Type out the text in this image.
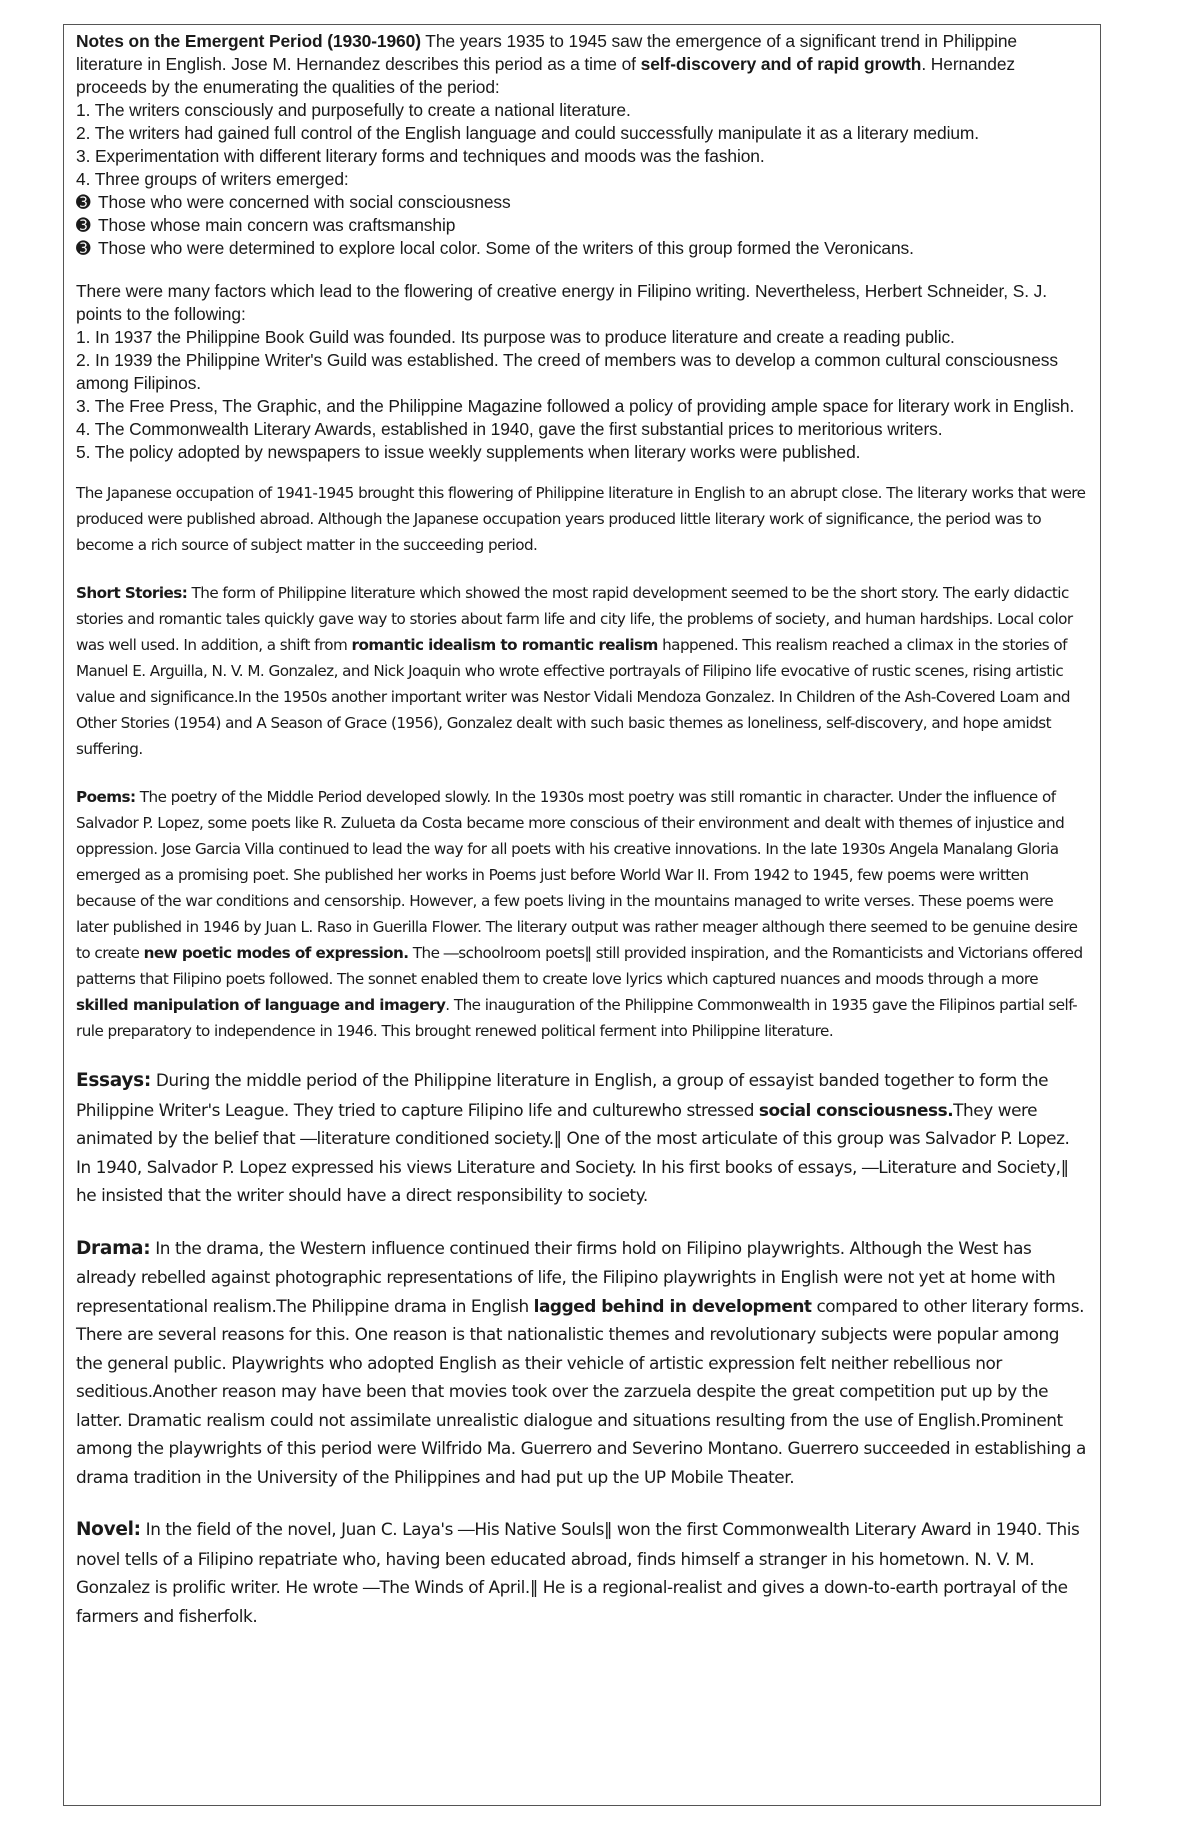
Notes on the Emergent Period (1930-1960) The years 1935 to 1945 saw the emergence of a significant trend in Philippine literature in English. Jose M. Hernandez describes this period as a time of self-discovery and of rapid growth. Hernandez proceeds by the enumerating the qualities of the period:

1. The writers consciously and purposefully to create a national literature.

2. The writers had gained full control of the English language and could successfully manipulate it as a literary medium.

3. Experimentation with different literary forms and techniques and moods was the fashion.

4. Three groups of writers emerged:

➌ Those who were concerned with social consciousness

➌ Those whose main concern was craftsmanship

➌ Those who were determined to explore local color. Some of the writers of this group formed the Veronicans.

There were many factors which lead to the flowering of creative energy in Filipino writing. Nevertheless, Herbert Schneider, S. J. points to the following:

1. In 1937 the Philippine Book Guild was founded. Its purpose was to produce literature and create a reading public.

2. In 1939 the Philippine Writer's Guild was established. The creed of members was to develop a common cultural consciousness among Filipinos.

3. The Free Press, The Graphic, and the Philippine Magazine followed a policy of providing ample space for literary work in English.

4. The Commonwealth Literary Awards, established in 1940, gave the first substantial prices to meritorious writers.

5. The policy adopted by newspapers to issue weekly supplements when literary works were published.

The Japanese occupation of 1941-1945 brought this flowering of Philippine literature in English to an abrupt close. The literary works that were produced were published abroad. Although the Japanese occupation years produced little literary work of significance, the period was to become a rich source of subject matter in the succeeding period.

Short Stories: The form of Philippine literature which showed the most rapid development seemed to be the short story. The early didactic stories and romantic tales quickly gave way to stories about farm life and city life, the problems of society, and human hardships. Local color was well used. In addition, a shift from romantic idealism to romantic realism happened. This realism reached a climax in the stories of Manuel E. Arguilla, N. V. M. Gonzalez, and Nick Joaquin who wrote effective portrayals of Filipino life evocative of rustic scenes, rising artistic value and significance.In the 1950s another important writer was Nestor Vidali Mendoza Gonzalez. In Children of the Ash-Covered Loam and Other Stories (1954) and A Season of Grace (1956), Gonzalez dealt with such basic themes as loneliness, self-discovery, and hope amidst suffering.

Poems: The poetry of the Middle Period developed slowly. In the 1930s most poetry was still romantic in character. Under the influence of Salvador P. Lopez, some poets like R. Zulueta da Costa became more conscious of their environment and dealt with themes of injustice and oppression. Jose Garcia Villa continued to lead the way for all poets with his creative innovations. In the late 1930s Angela Manalang Gloria emerged as a promising poet. She published her works in Poems just before World War II. From 1942 to 1945, few poems were written because of the war conditions and censorship. However, a few poets living in the mountains managed to write verses. These poems were later published in 1946 by Juan L. Raso in Guerilla Flower. The literary output was rather meager although there seemed to be genuine desire to create new poetic modes of expression. The ―schoolroom poets‖ still provided inspiration, and the Romanticists and Victorians offered patterns that Filipino poets followed. The sonnet enabled them to create love lyrics which captured nuances and moods through a more skilled manipulation of language and imagery. The inauguration of the Philippine Commonwealth in 1935 gave the Filipinos partial self-rule preparatory to independence in 1946. This brought renewed political ferment into Philippine literature.

Essays: During the middle period of the Philippine literature in English, a group of essayist banded together to form the Philippine Writer's League. They tried to capture Filipino life and culturewho stressed social consciousness.They were animated by the belief that ―literature conditioned society.‖ One of the most articulate of this group was Salvador P. Lopez. In 1940, Salvador P. Lopez expressed his views Literature and Society. In his first books of essays, ―Literature and Society,‖ he insisted that the writer should have a direct responsibility to society.

Drama: In the drama, the Western influence continued their firms hold on Filipino playwrights. Although the West has already rebelled against photographic representations of life, the Filipino playwrights in English were not yet at home with representational realism.The Philippine drama in English lagged behind in development compared to other literary forms. There are several reasons for this. One reason is that nationalistic themes and revolutionary subjects were popular among the general public. Playwrights who adopted English as their vehicle of artistic expression felt neither rebellious nor seditious.Another reason may have been that movies took over the zarzuela despite the great competition put up by the latter. Dramatic realism could not assimilate unrealistic dialogue and situations resulting from the use of English.Prominent among the playwrights of this period were Wilfrido Ma. Guerrero and Severino Montano. Guerrero succeeded in establishing a drama tradition in the University of the Philippines and had put up the UP Mobile Theater.

Novel: In the field of the novel, Juan C. Laya's ―His Native Souls‖ won the first Commonwealth Literary Award in 1940. This novel tells of a Filipino repatriate who, having been educated abroad, finds himself a stranger in his hometown. N. V. M. Gonzalez is prolific writer. He wrote ―The Winds of April.‖ He is a regional-realist and gives a down-to-earth portrayal of the farmers and fisherfolk.
